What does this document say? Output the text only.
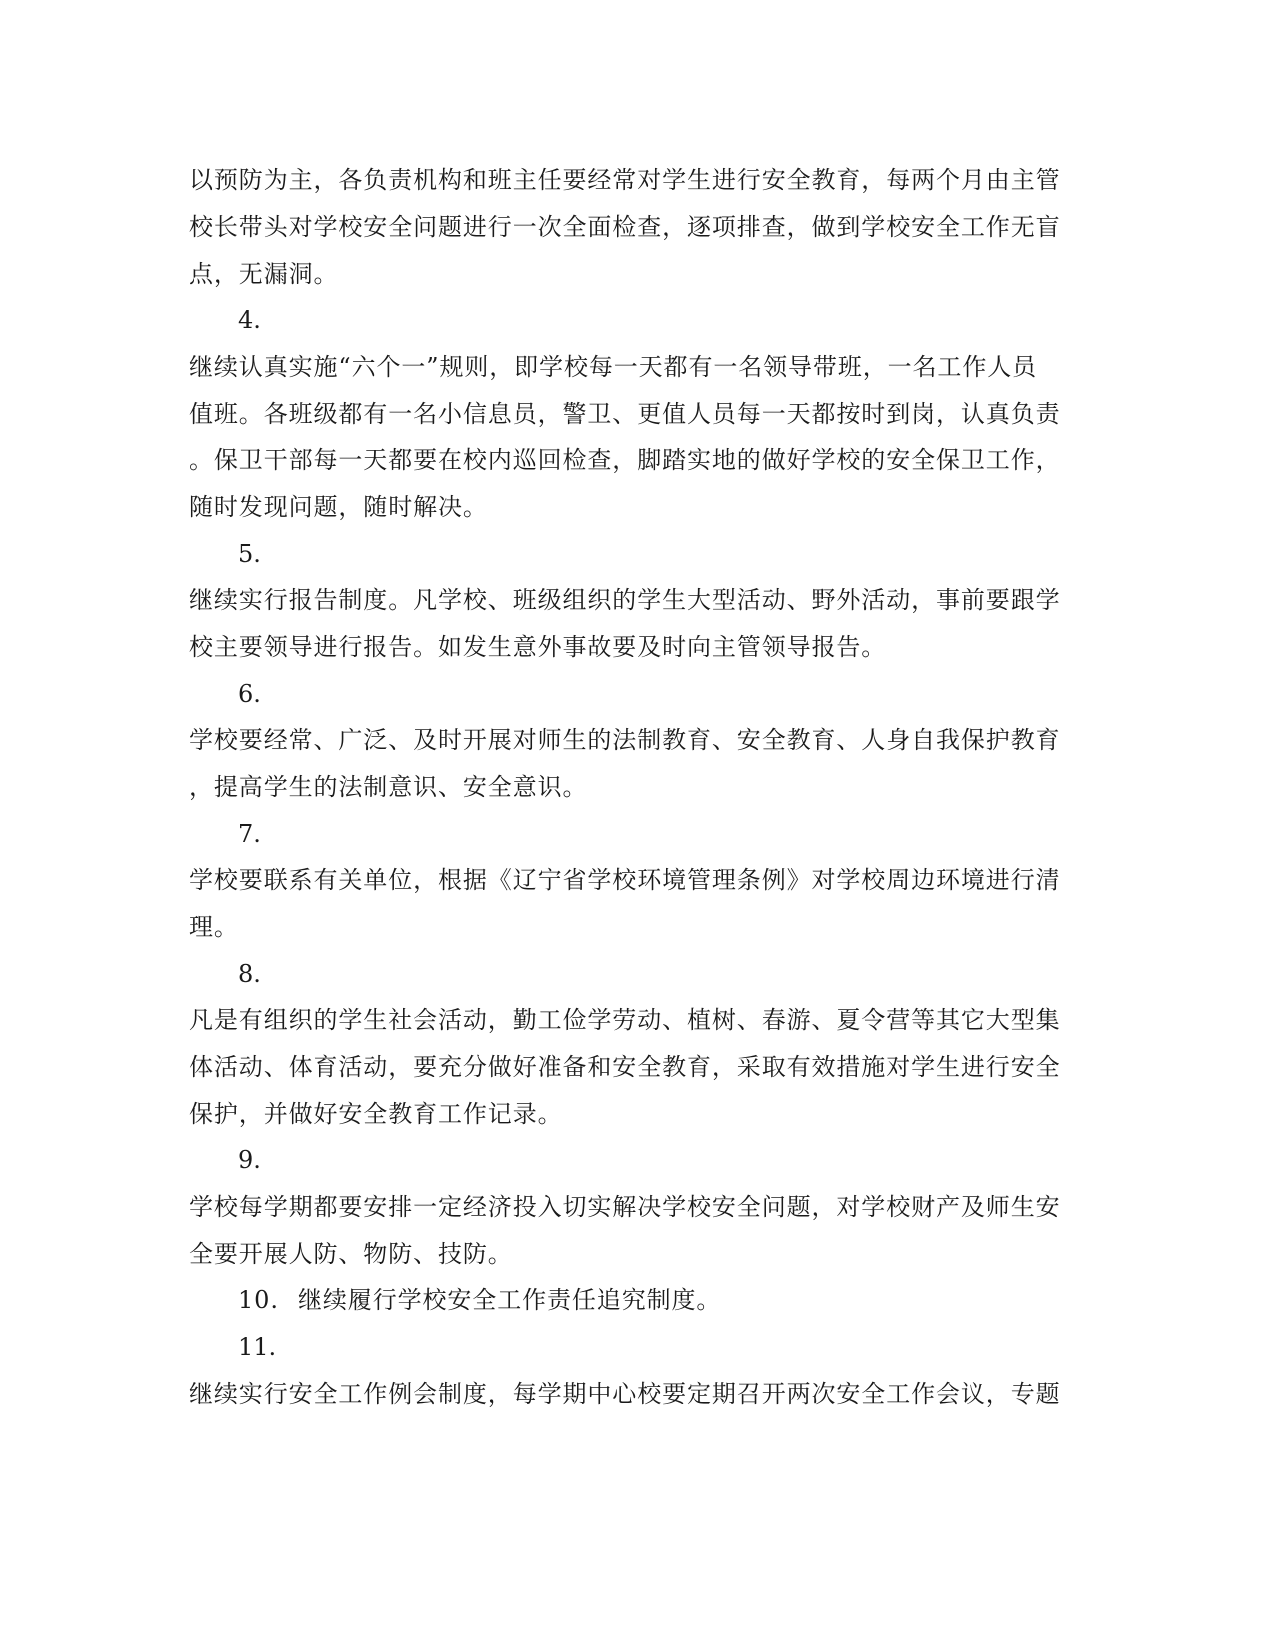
以预防为主，各负责机构和班主任要经常对学生进行安全教育，每两个月由主管
校长带头对学校安全问题进行一次全面检查，逐项排查，做到学校安全工作无盲
点，无漏洞。
4.
继续认真实施“六个一”规则，即学校每一天都有一名领导带班，一名工作人员
值班。各班级都有一名小信息员，警卫、更值人员每一天都按时到岗，认真负责
。保卫干部每一天都要在校内巡回检查，脚踏实地的做好学校的安全保卫工作，
随时发现问题，随时解决。
5.
继续实行报告制度。凡学校、班级组织的学生大型活动、野外活动，事前要跟学
校主要领导进行报告。如发生意外事故要及时向主管领导报告。
6.
学校要经常、广泛、及时开展对师生的法制教育、安全教育、人身自我保护教育
，提高学生的法制意识、安全意识。
7.
学校要联系有关单位，根据《辽宁省学校环境管理条例》对学校周边环境进行清
理。
8.
凡是有组织的学生社会活动，勤工俭学劳动、植树、春游、夏令营等其它大型集
体活动、体育活动，要充分做好准备和安全教育，采取有效措施对学生进行安全
保护，并做好安全教育工作记录。
9.
学校每学期都要安排一定经济投入切实解决学校安全问题，对学校财产及师生安
全要开展人防、物防、技防。
10. 继续履行学校安全工作责任追究制度。
11.
继续实行安全工作例会制度，每学期中心校要定期召开两次安全工作会议，专题
